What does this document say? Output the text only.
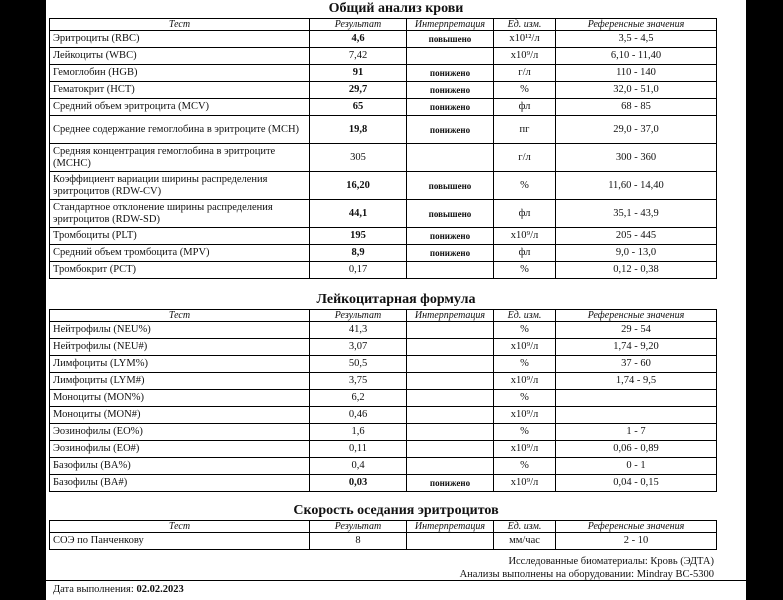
Общий анализ крови
Тест	Результат	Интерпретация	Ед. изм.	Референсные значения
Эритроциты (RBC)	4,6	повышено	x10¹²/л	3,5 - 4,5
Лейкоциты (WBC)	7,42		x10⁹/л	6,10 - 11,40
Гемоглобин (HGB)	91	понижено	г/л	110 - 140
Гематокрит (HCT)	29,7	понижено	%	32,0 - 51,0
Средний объем эритроцита (MCV)	65	понижено	фл	68 - 85
Среднее содержание гемоглобина в эритроците (MCH)	19,8	понижено	пг	29,0 - 37,0
Средняя концентрация гемоглобина в эритроците (MCHC)	305		г/л	300 - 360
Коэффициент вариации ширины распределения эритроцитов (RDW-CV)	16,20	повышено	%	11,60 - 14,40
Стандартное отклонение ширины распределения эритроцитов (RDW-SD)	44,1	повышено	фл	35,1 - 43,9
Тромбоциты (PLT)	195	понижено	x10⁹/л	205 - 445
Средний объем тромбоцита (MPV)	8,9	понижено	фл	9,0 - 13,0
Тромбокрит (PCT)	0,17		%	0,12 - 0,38
Лейкоцитарная формула
Тест	Результат	Интерпретация	Ед. изм.	Референсные значения
Нейтрофилы (NEU%)	41,3		%	29 - 54
Нейтрофилы (NEU#)	3,07		x10⁹/л	1,74 - 9,20
Лимфоциты (LYM%)	50,5		%	37 - 60
Лимфоциты (LYM#)	3,75		x10⁹/л	1,74 - 9,5
Моноциты (MON%)	6,2		%	
Моноциты (MON#)	0,46		x10⁹/л	
Эозинофилы (EO%)	1,6		%	1 - 7
Эозинофилы (EO#)	0,11		x10⁹/л	0,06 - 0,89
Базофилы (BA%)	0,4		%	0 - 1
Базофилы (BA#)	0,03	понижено	x10⁹/л	0,04 - 0,15
Скорость оседания эритроцитов
Тест	Результат	Интерпретация	Ед. изм.	Референсные значения
СОЭ по Панченкову	8		мм/час	2 - 10
Исследованные биоматериалы: Кровь (ЭДТА)
Анализы выполнены на оборудовании: Mindray BC-5300
Дата выполнения: 02.02.2023
